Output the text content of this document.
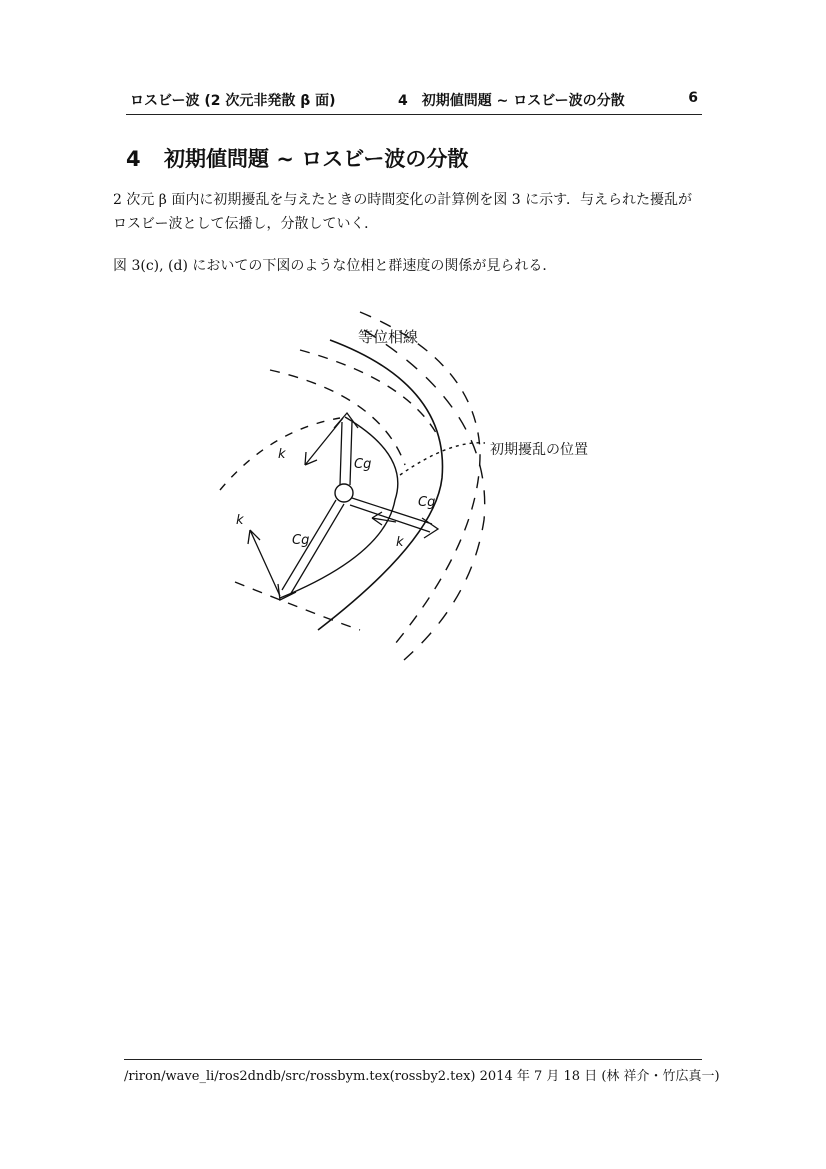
ロスビー波 (2 次元非発散 β 面)	4　初期値問題 ∼ ロスビー波の分散	6
4 初期値問題 ∼ ロスビー波の分散
2 次元 β 面内に初期擾乱を与えたときの時間変化の計算例を図 3 に示す．与えられた擾乱がロスビー波として伝播し，分散していく．
図 3(c), (d) においての下図のような位相と群速度の関係が見られる．
等位相線
初期擾乱の位置
k
k
k
Cg
Cg
Cg
/riron/wave_li/ros2dndb/src/rossbym.tex(rossby2.tex) 2014 年 7 月 18 日 (林 祥介・竹広真一)
